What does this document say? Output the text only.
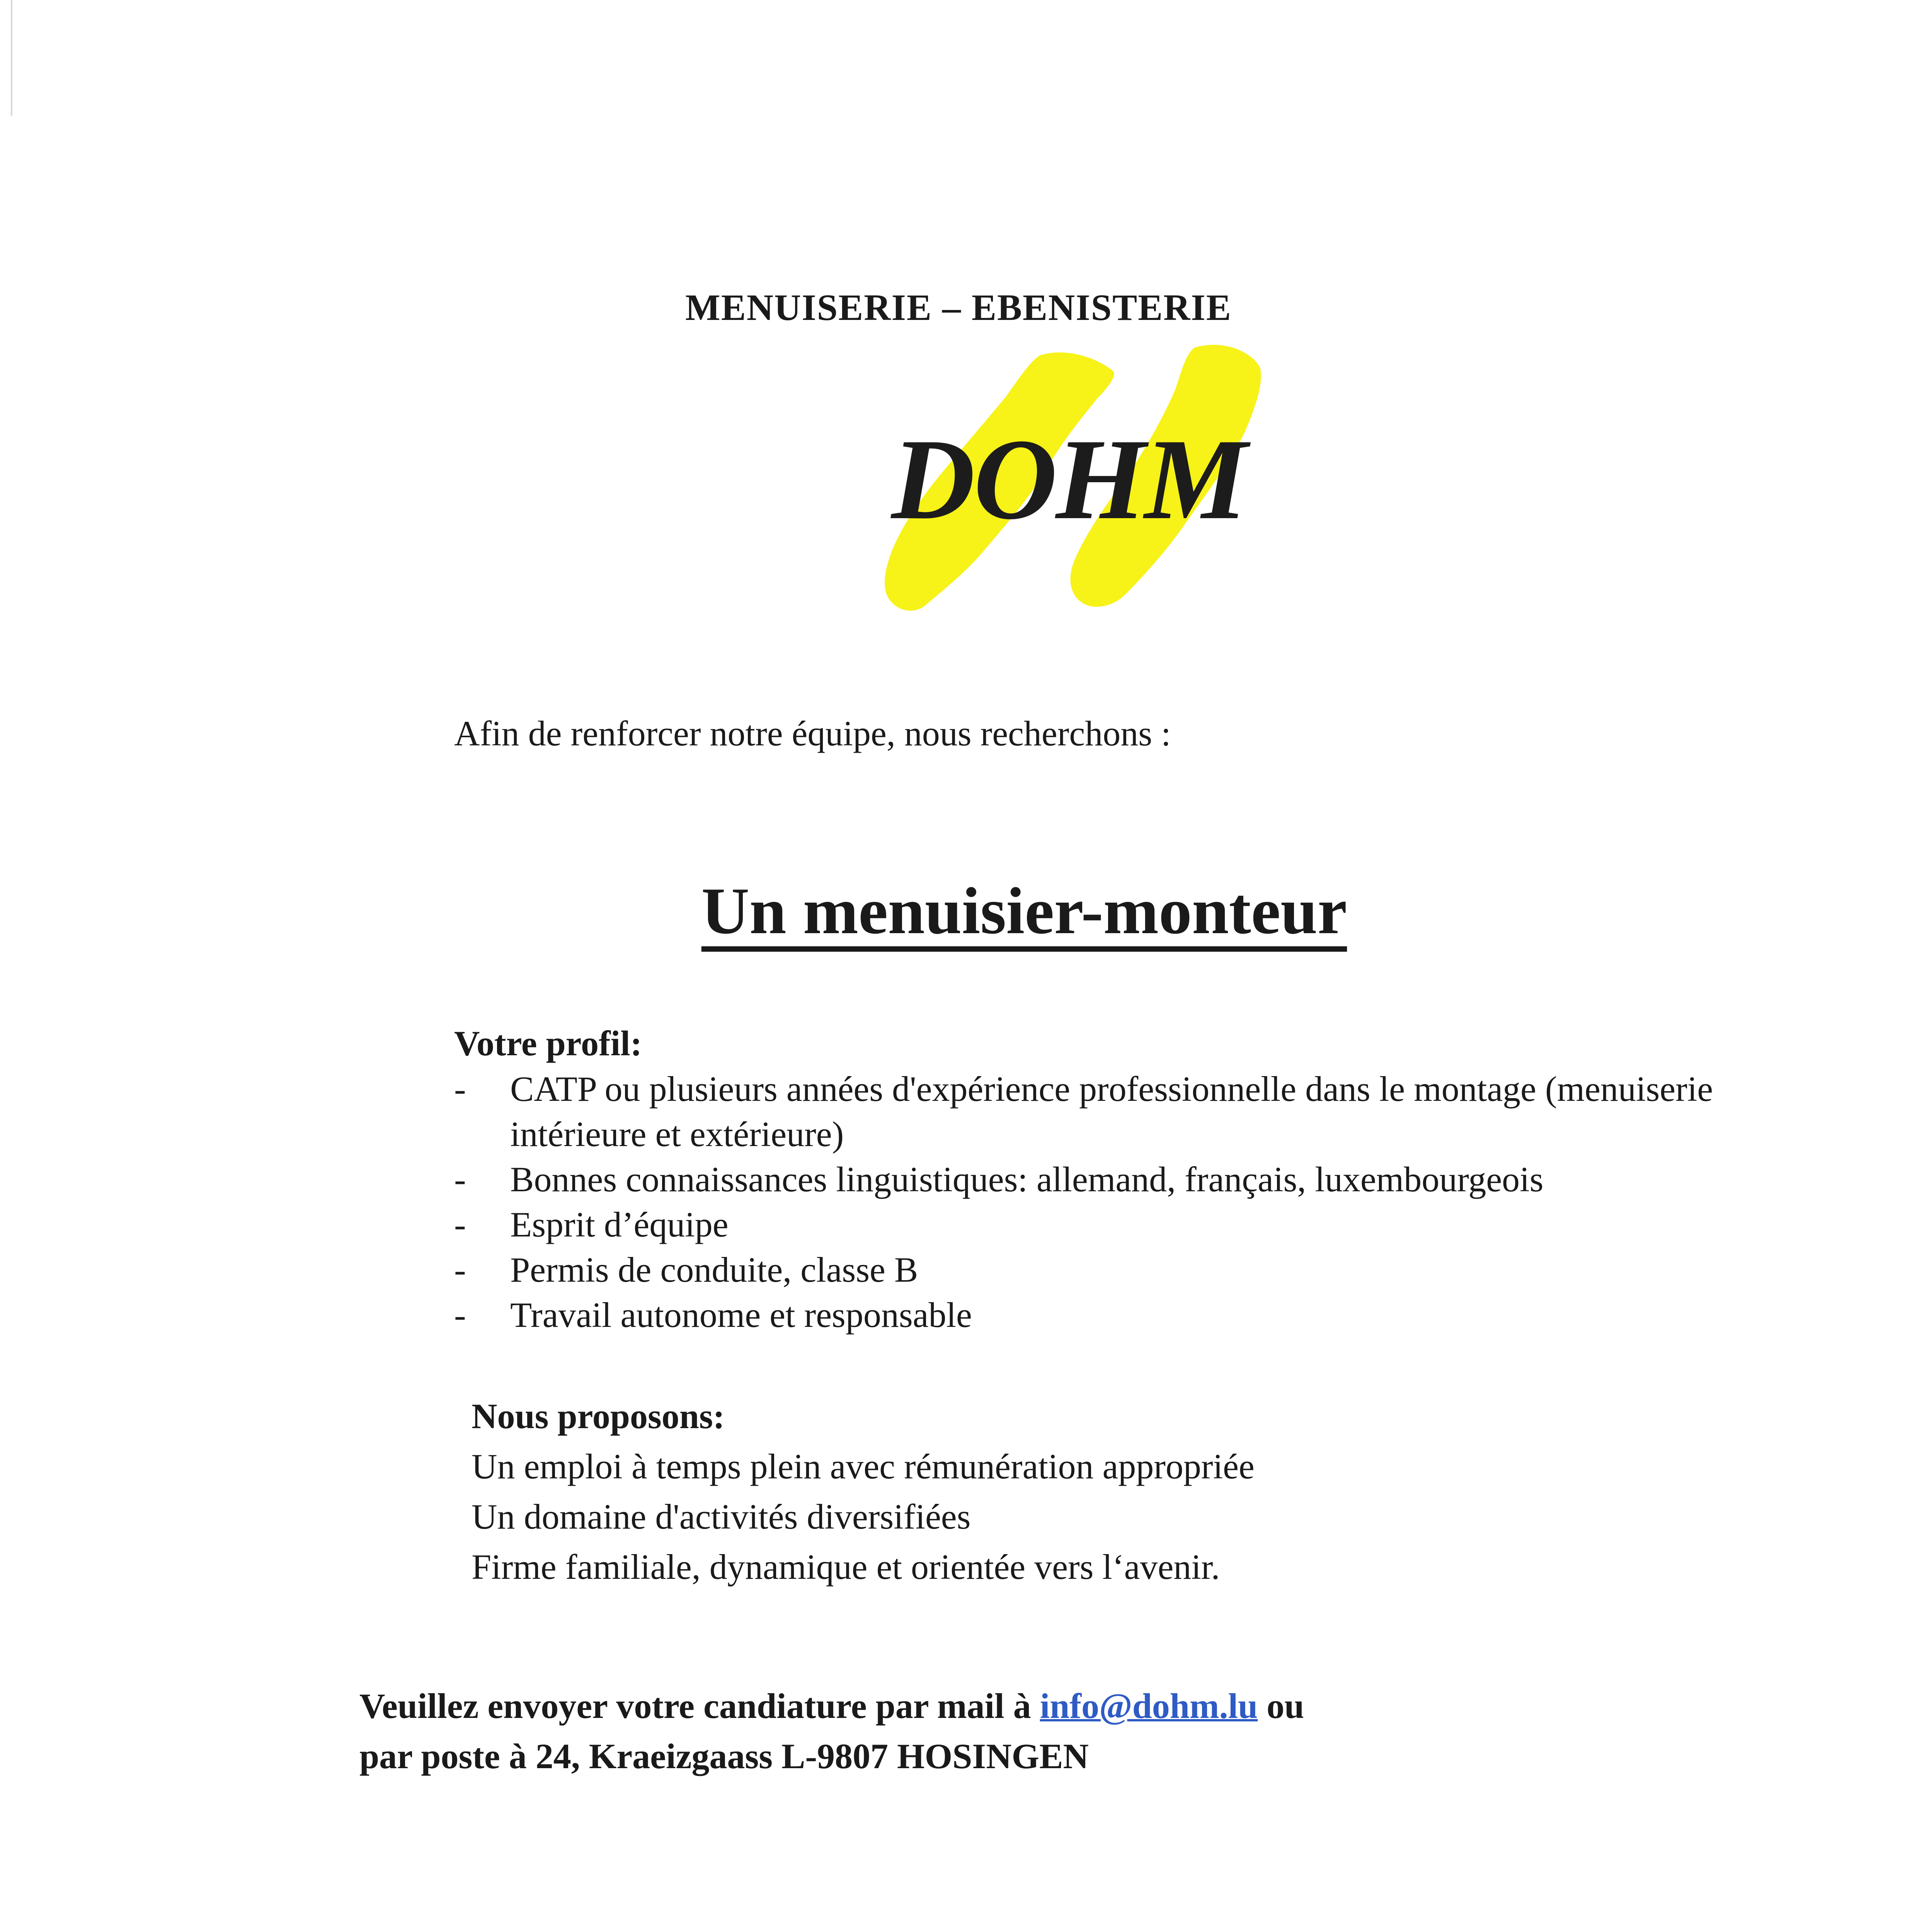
MENUISERIE – EBENISTERIE
DOHM
Afin de renforcer notre équipe, nous recherchons :
Un menuisier-monteur
Votre profil:
- CATP ou plusieurs années d'expérience professionnelle dans le montage (menuiserie intérieure et extérieure)
- Bonnes connaissances linguistiques: allemand, français, luxembourgeois
- Esprit d’équipe
- Permis de conduite, classe B
- Travail autonome et responsable
Nous proposons:
Un emploi à temps plein avec rémunération appropriée
Un domaine d'activités diversifiées
Firme familiale, dynamique et orientée vers l‘avenir.
Veuillez envoyer votre candiature par mail à info@dohm.lu ou
par poste à 24, Kraeizgaass L-9807 HOSINGEN
